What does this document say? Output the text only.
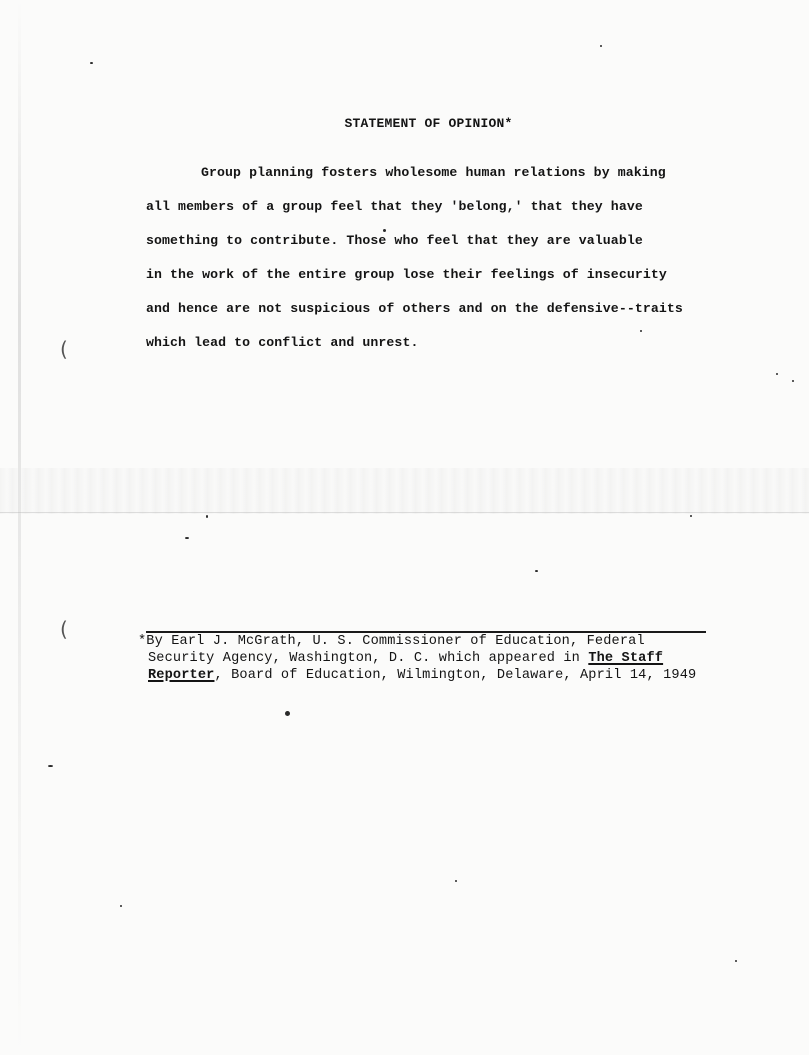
STATEMENT OF OPINION*
Group planning fosters wholesome human relations by making
all members of a group feel that they 'belong,' that they have
something to contribute. Those who feel that they are valuable
in the work of the entire group lose their feelings of insecurity
and hence are not suspicious of others and on the defensive--traits
which lead to conflict and unrest.
(
(
*By Earl J. McGrath, U. S. Commissioner of Education, Federal
Security Agency, Washington, D. C. which appeared in The Staff
Reporter, Board of Education, Wilmington, Delaware, April 14, 1949
